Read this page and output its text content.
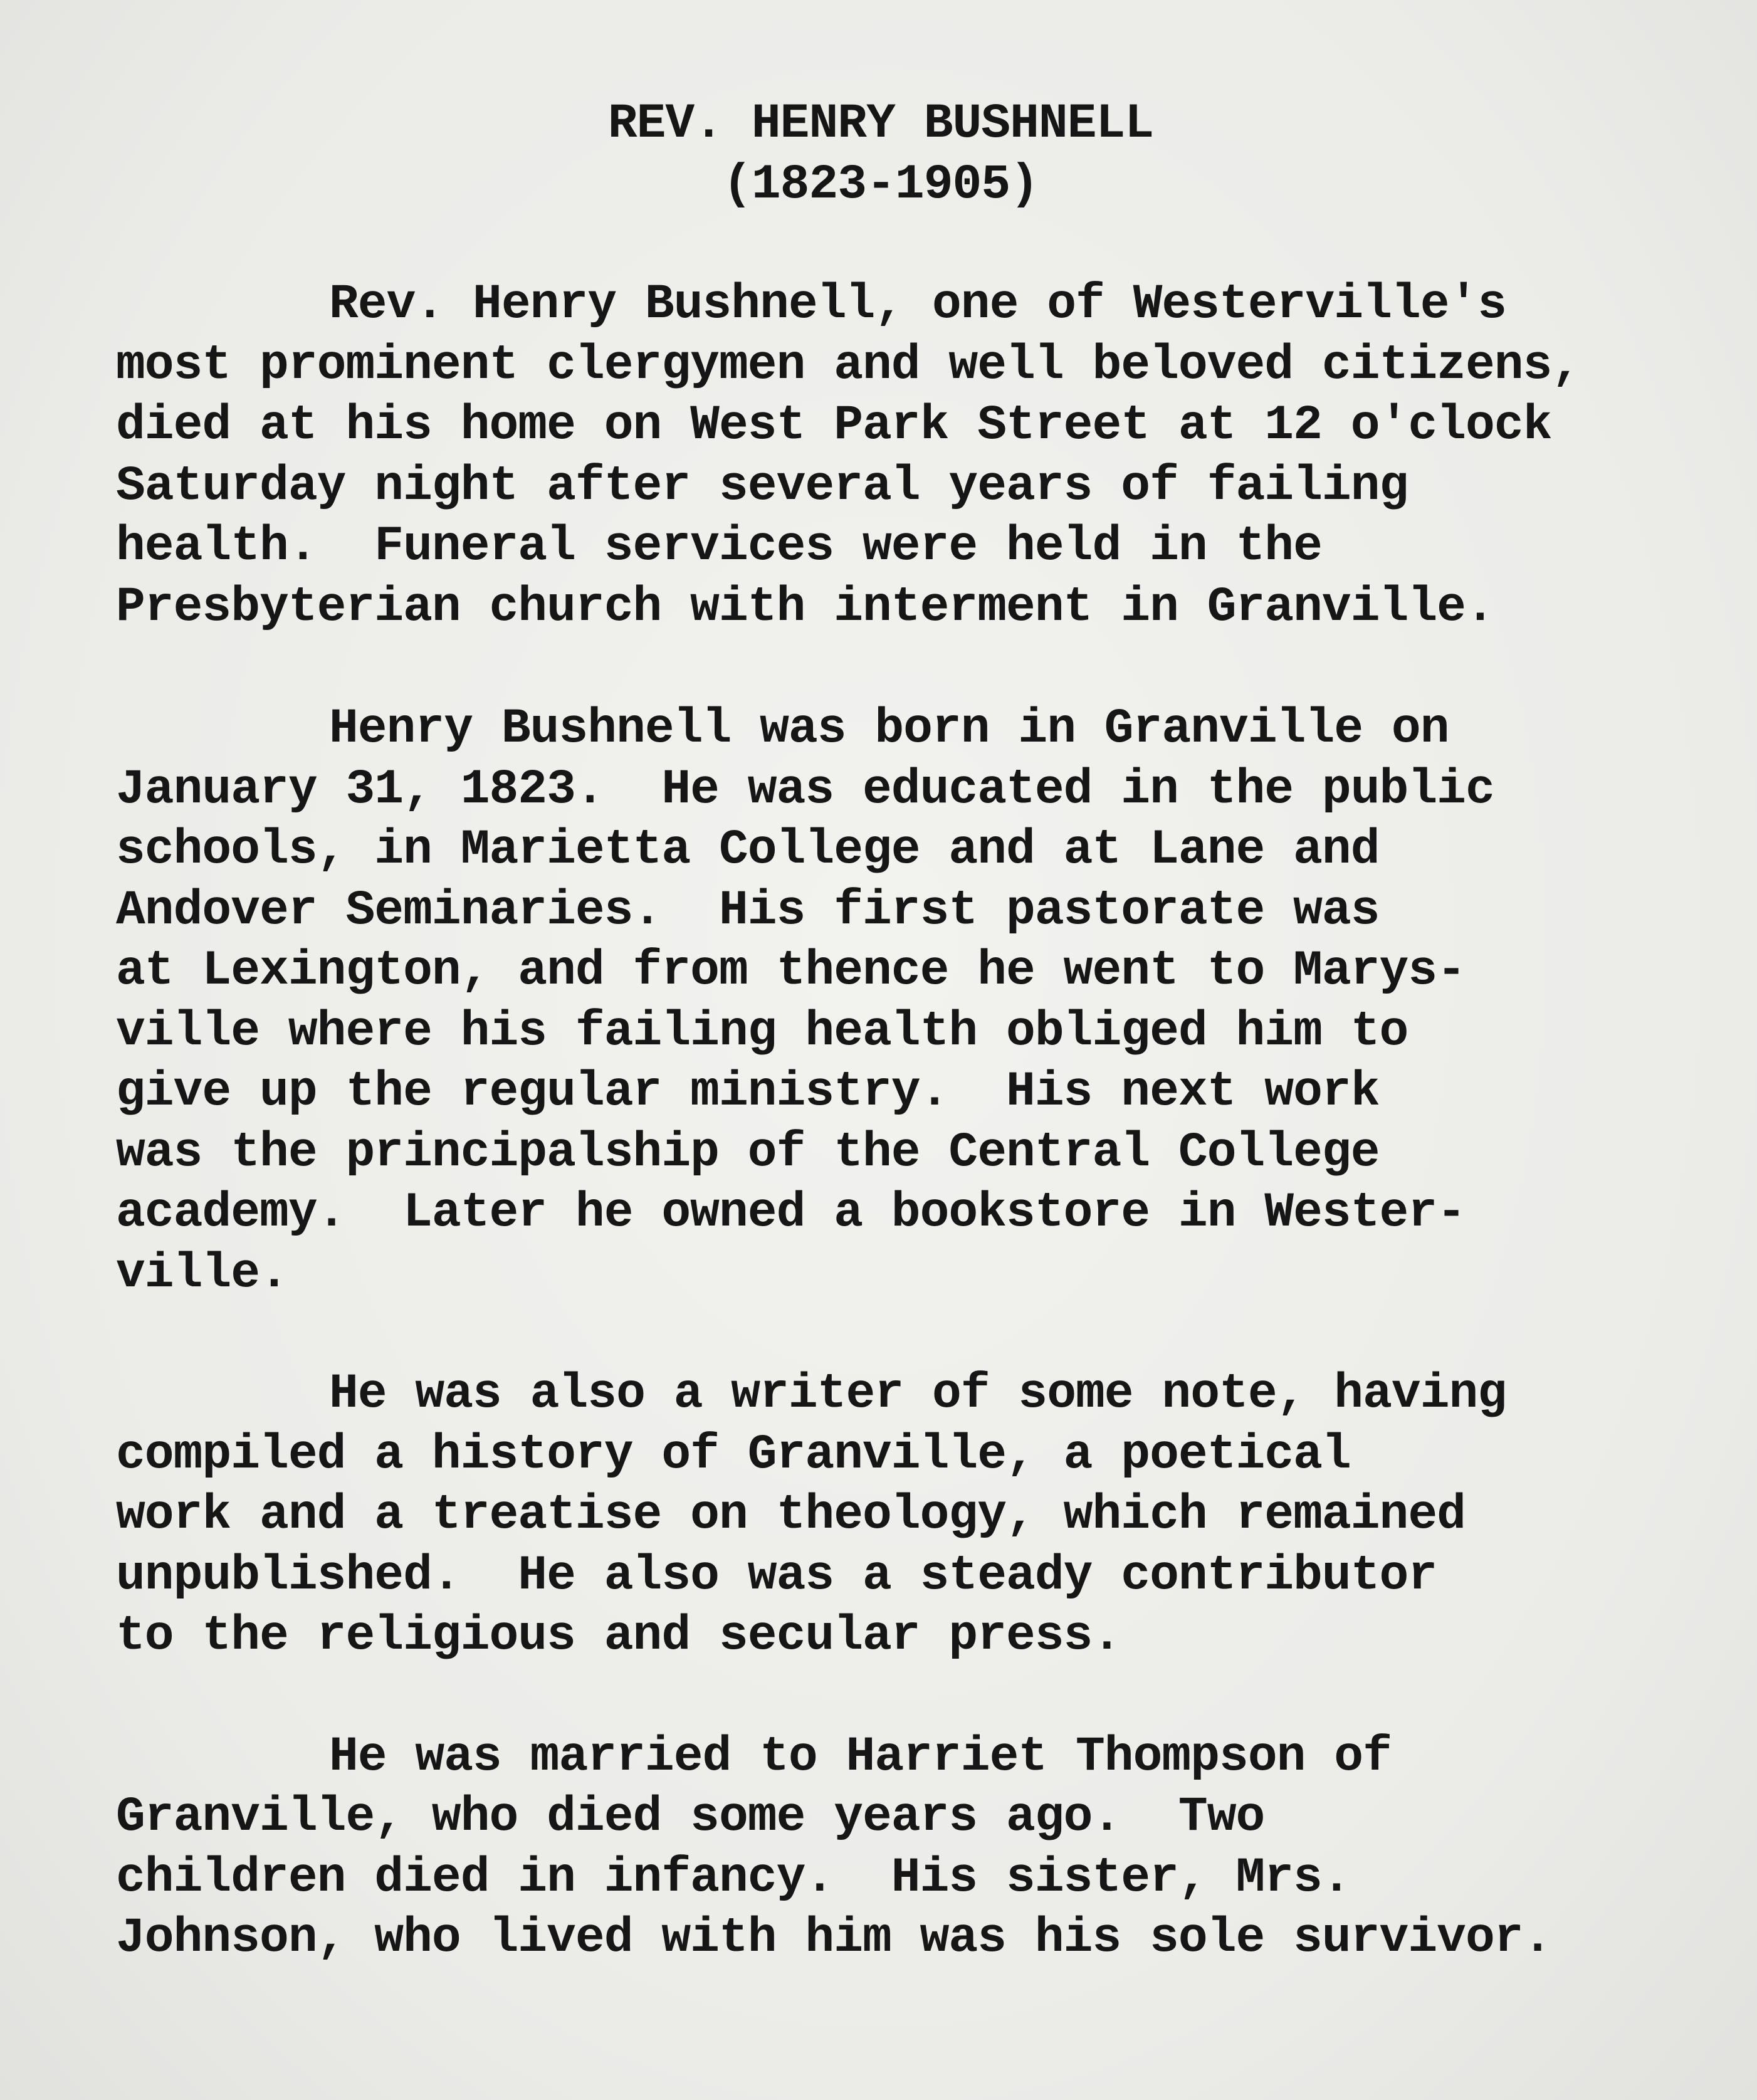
REV. HENRY BUSHNELL
(1823-1905)
Rev. Henry Bushnell, one of Westerville's
most prominent clergymen and well beloved citizens,
died at his home on West Park Street at 12 o'clock
Saturday night after several years of failing
health.  Funeral services were held in the
Presbyterian church with interment in Granville.
Henry Bushnell was born in Granville on
January 31, 1823.  He was educated in the public
schools, in Marietta College and at Lane and
Andover Seminaries.  His first pastorate was
at Lexington, and from thence he went to Marys-
ville where his failing health obliged him to
give up the regular ministry.  His next work
was the principalship of the Central College
academy.  Later he owned a bookstore in Wester-
ville.
He was also a writer of some note, having
compiled a history of Granville, a poetical
work and a treatise on theology, which remained
unpublished.  He also was a steady contributor
to the religious and secular press.
He was married to Harriet Thompson of
Granville, who died some years ago.  Two
children died in infancy.  His sister, Mrs.
Johnson, who lived with him was his sole survivor.
